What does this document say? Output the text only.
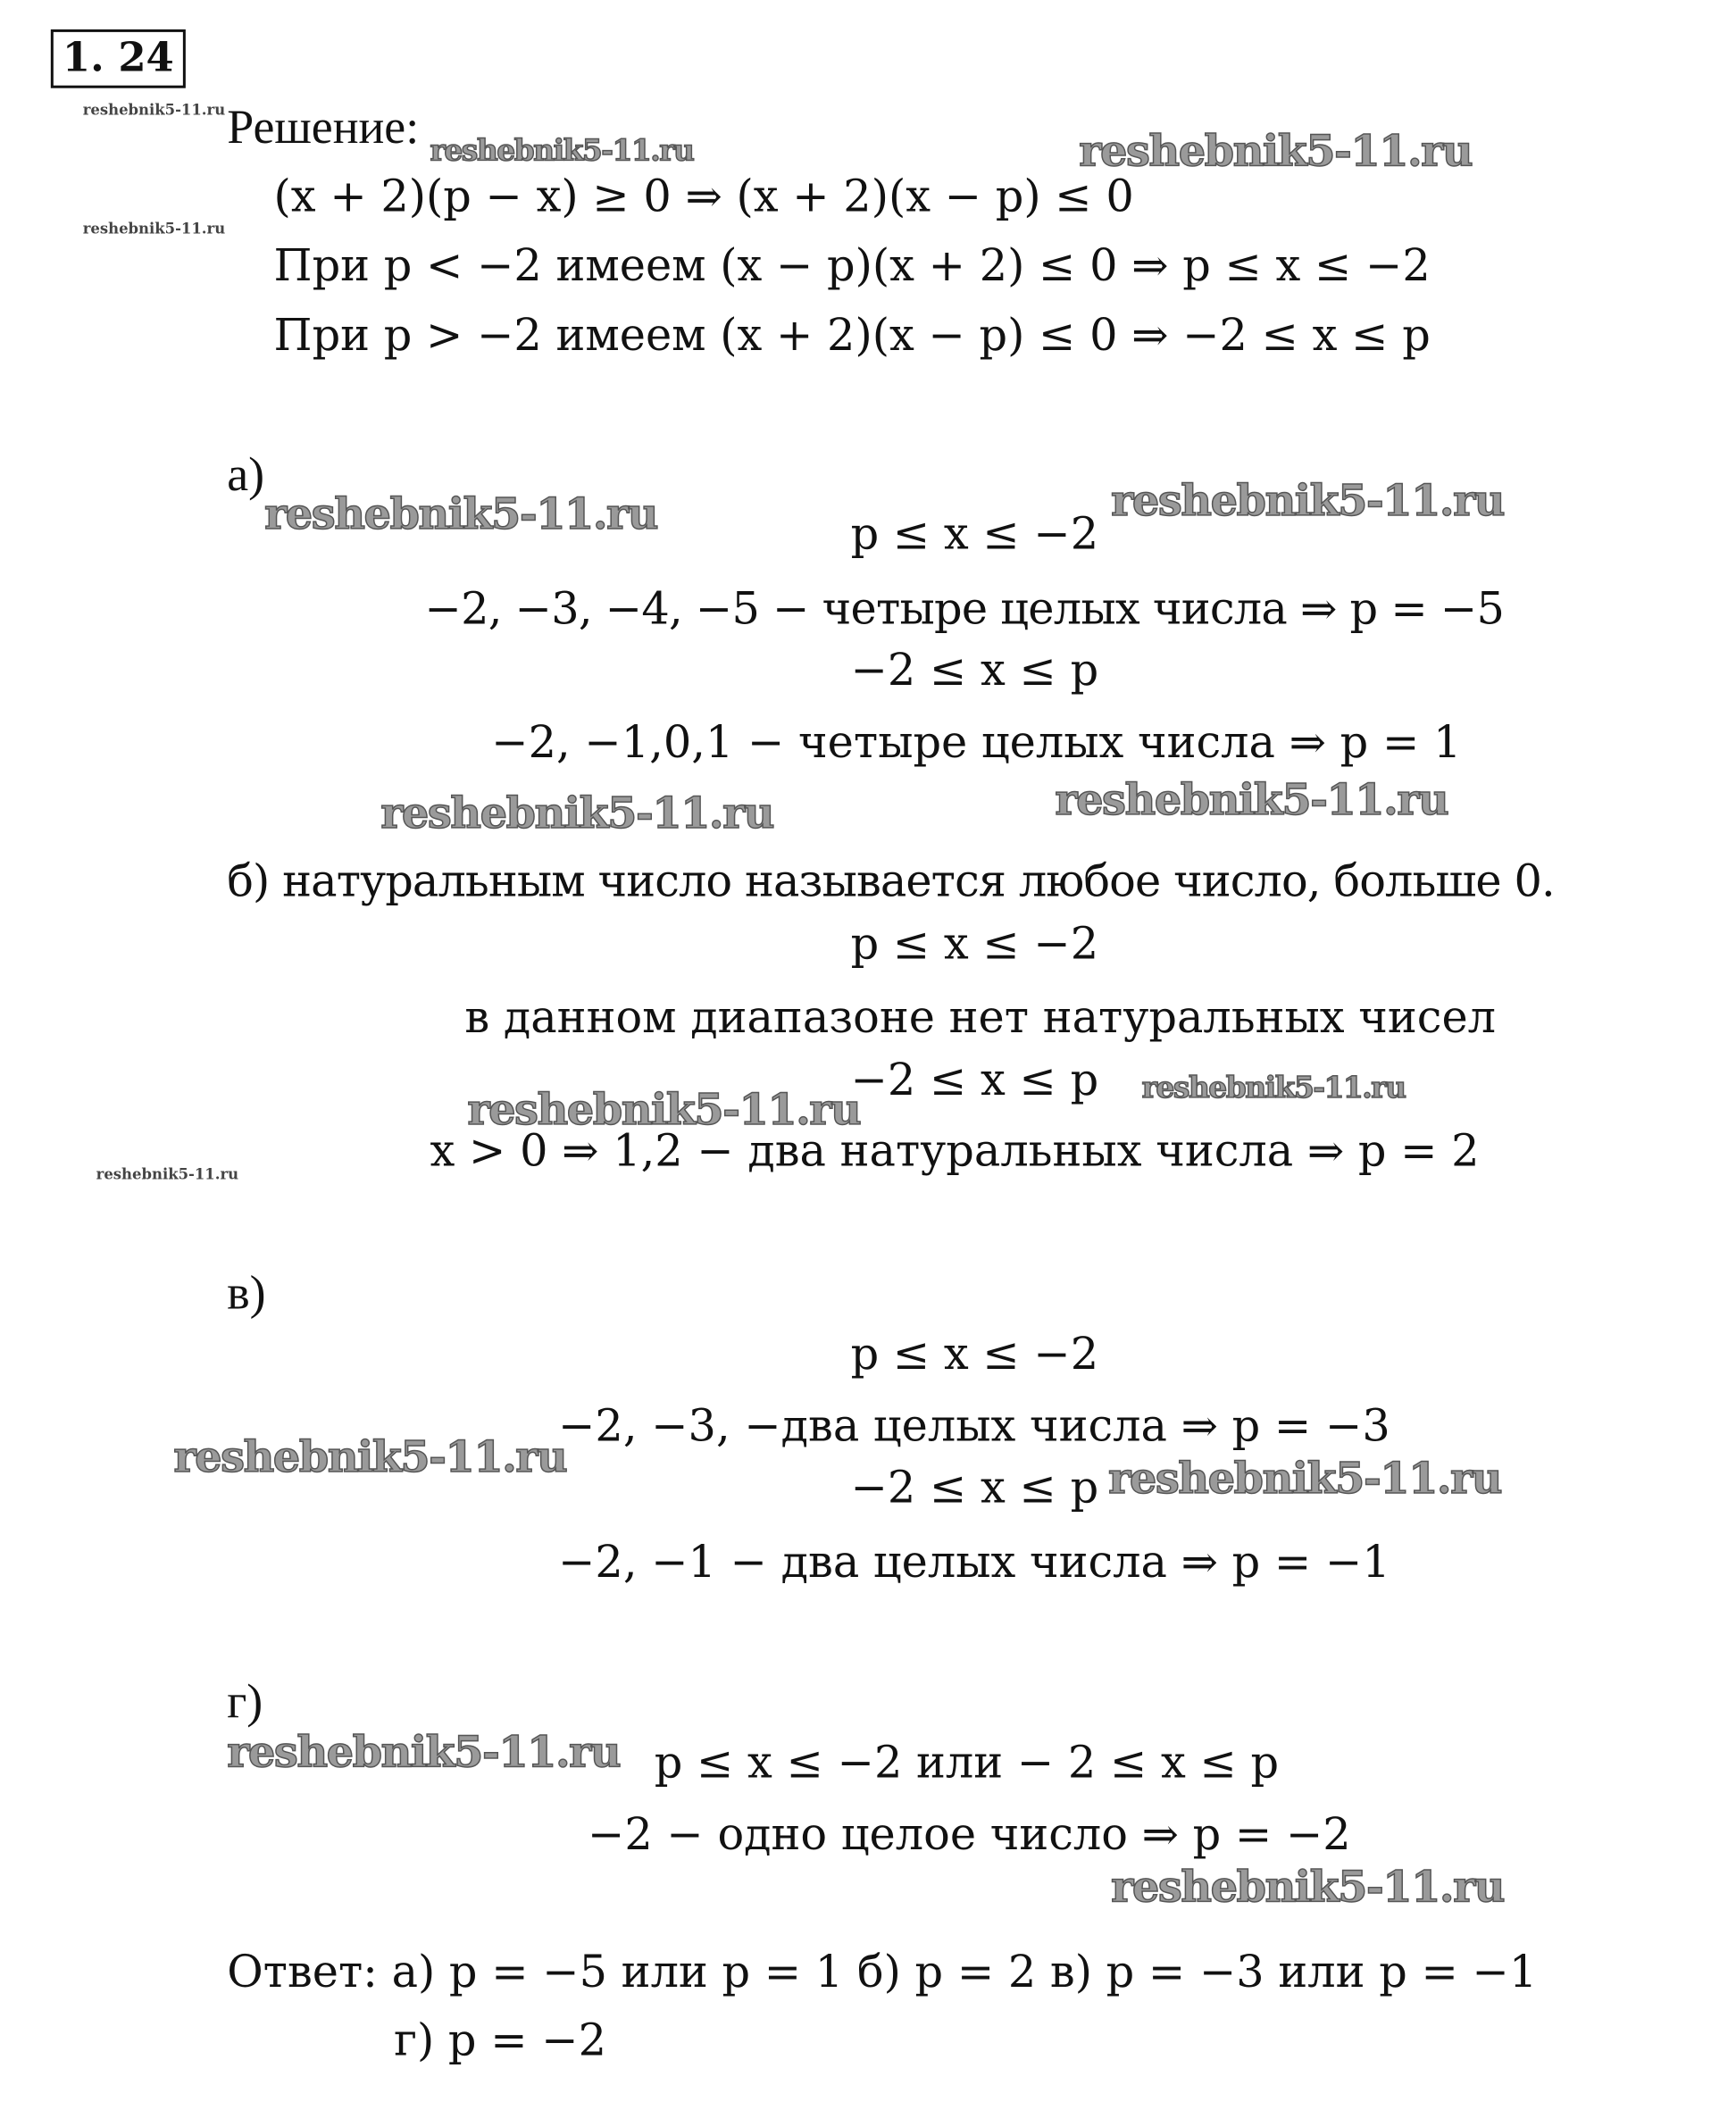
1. 24
Решение:
(x + 2)(p − x) ≥ 0 ⇒ (x + 2)(x − p) ≤ 0
При p < −2 имеем (x − p)(x + 2) ≤ 0 ⇒ p ≤ x ≤ −2
При p > −2 имеем (x + 2)(x − p) ≤ 0 ⇒ −2 ≤ x ≤ p
а)
p ≤ x ≤ −2
−2, −3, −4, −5 − четыре целых числа ⇒ p = −5
−2 ≤ x ≤ p
−2, −1,0,1 − четыре целых числа ⇒ p = 1
б) натуральным число называется любое число, больше 0.
p ≤ x ≤ −2
в данном диапазоне нет натуральных чисел
−2 ≤ x ≤ p
x > 0 ⇒ 1,2 − два натуральных числа ⇒ p = 2
в)
p ≤ x ≤ −2
−2, −3, −два целых числа ⇒ p = −3
−2 ≤ x ≤ p
−2, −1 − два целых числа ⇒ p = −1
г)
p ≤ x ≤ −2 или − 2 ≤ x ≤ p
−2 − одно целое число ⇒ p = −2
Ответ: а) p = −5 или p = 1 б) p = 2 в) p = −3 или p = −1
г) p = −2
reshebnik5-11.ru
reshebnik5-11.ru
reshebnik5-11.ru
reshebnik5-11.ru
reshebnik5-11.ru
reshebnik5-11.ru
reshebnik5-11.ru	reshebnik5-11.ru
reshebnik5-11.ru	reshebnik5-11.ru
reshebnik5-11.ru
reshebnik5-11.ru	reshebnik5-11.ru
reshebnik5-11.ru
reshebnik5-11.ru
